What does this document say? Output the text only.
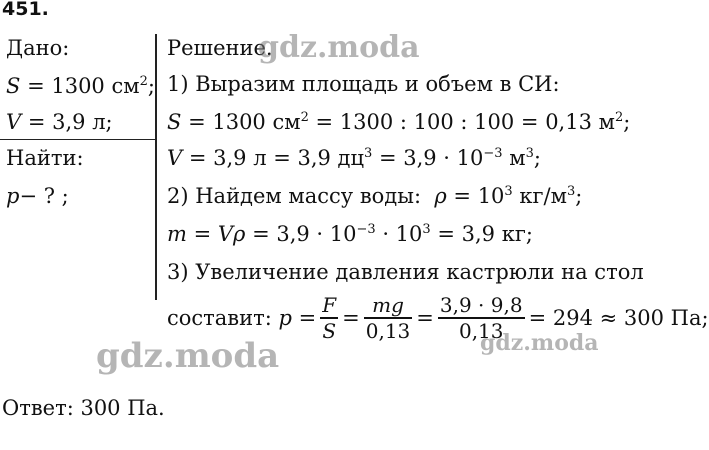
451.
Дано:
S = 1300 $см^2$;
V = 3,9 л;
Найти:
p− ? ;
Решение.
1) Выразим площадь и объем в СИ:
S = 1300 $см^2 = 1300$ : 100 : 100 = 0,13 $м^2$;
V = 3,9 л = 3,9 $дц^3 = 3,9 \cdot 10^{-3}$ $м^3$;
2) Найдем массу воды: $\rho = 10^3$ $кг/м^3$;
$m = V\rho = 3,9 \cdot 10^{-3} \cdot 10^3 = 3,9$ кг;
3) Увеличение давления кастрюли на стол
составит:
$p = \frac{F}{S} = \frac{mg}{0,13} = \frac{3,9 \cdot 9,8}{0,13} = 294 \approx 300$ Па;
Ответ: 300 Па.
gdz.moda
gdz.moda	gdz.moda
